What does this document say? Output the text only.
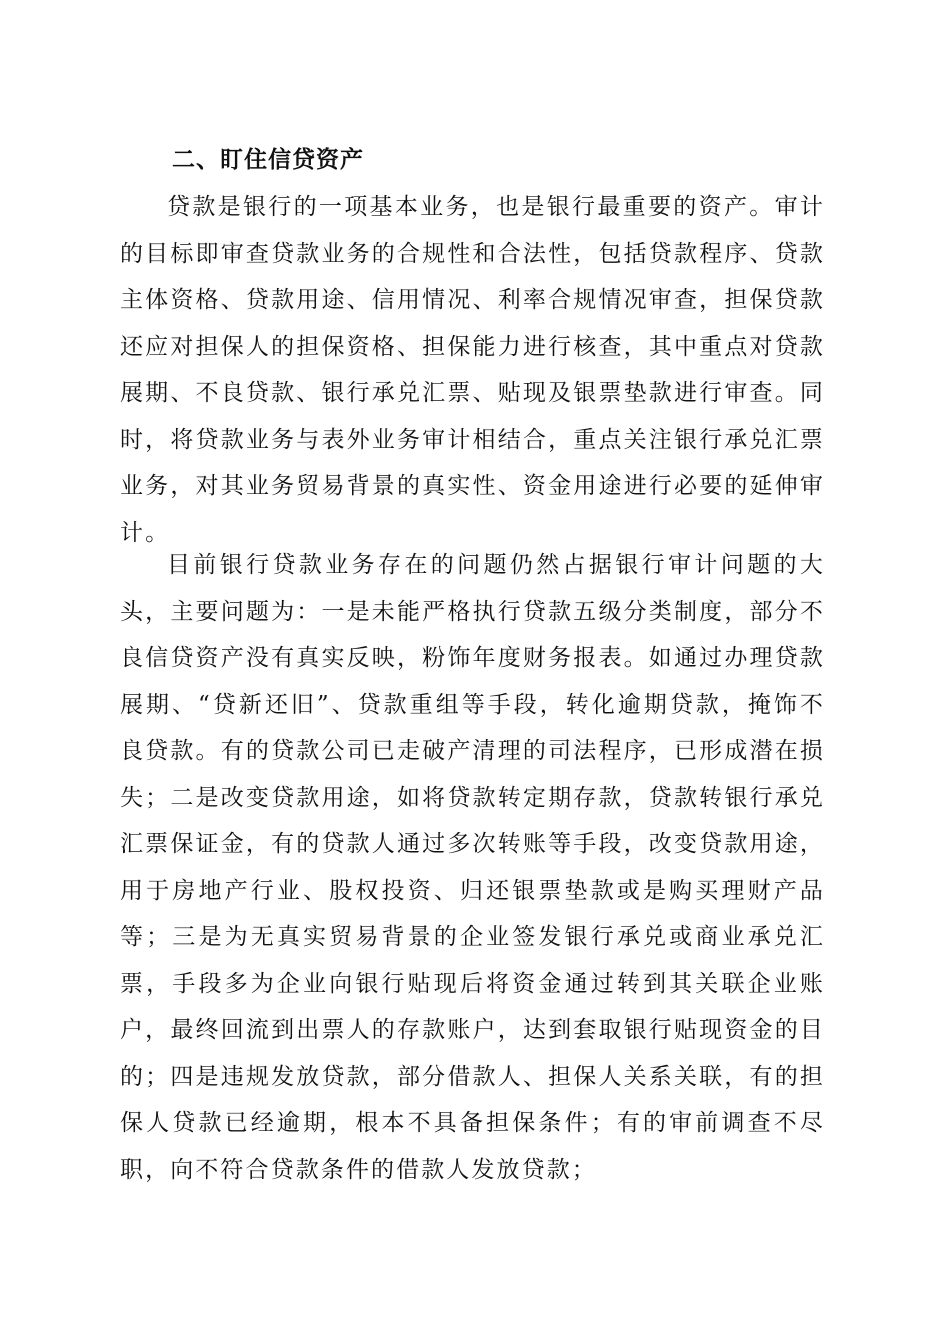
二、盯住信贷资产

贷款是银行的一项基本业务，也是银行最重要的资产。审计的目标即审查贷款业务的合规性和合法性，包括贷款程序、贷款主体资格、贷款用途、信用情况、利率合规情况审查，担保贷款还应对担保人的担保资格、担保能力进行核查，其中重点对贷款展期、不良贷款、银行承兑汇票、贴现及银票垫款进行审查。同时，将贷款业务与表外业务审计相结合，重点关注银行承兑汇票业务，对其业务贸易背景的真实性、资金用途进行必要的延伸审计。

目前银行贷款业务存在的问题仍然占据银行审计问题的大头，主要问题为：一是未能严格执行贷款五级分类制度，部分不良信贷资产没有真实反映，粉饰年度财务报表。如通过办理贷款展期、“贷新还旧”、贷款重组等手段，转化逾期贷款，掩饰不良贷款。有的贷款公司已走破产清理的司法程序，已形成潜在损失；二是改变贷款用途，如将贷款转定期存款，贷款转银行承兑汇票保证金，有的贷款人通过多次转账等手段，改变贷款用途，用于房地产行业、股权投资、归还银票垫款或是购买理财产品等；三是为无真实贸易背景的企业签发银行承兑或商业承兑汇票，手段多为企业向银行贴现后将资金通过转到其关联企业账户，最终回流到出票人的存款账户，达到套取银行贴现资金的目的；四是违规发放贷款，部分借款人、担保人关系关联，有的担保人贷款已经逾期，根本不具备担保条件；有的审前调查不尽职，向不符合贷款条件的借款人发放贷款；
